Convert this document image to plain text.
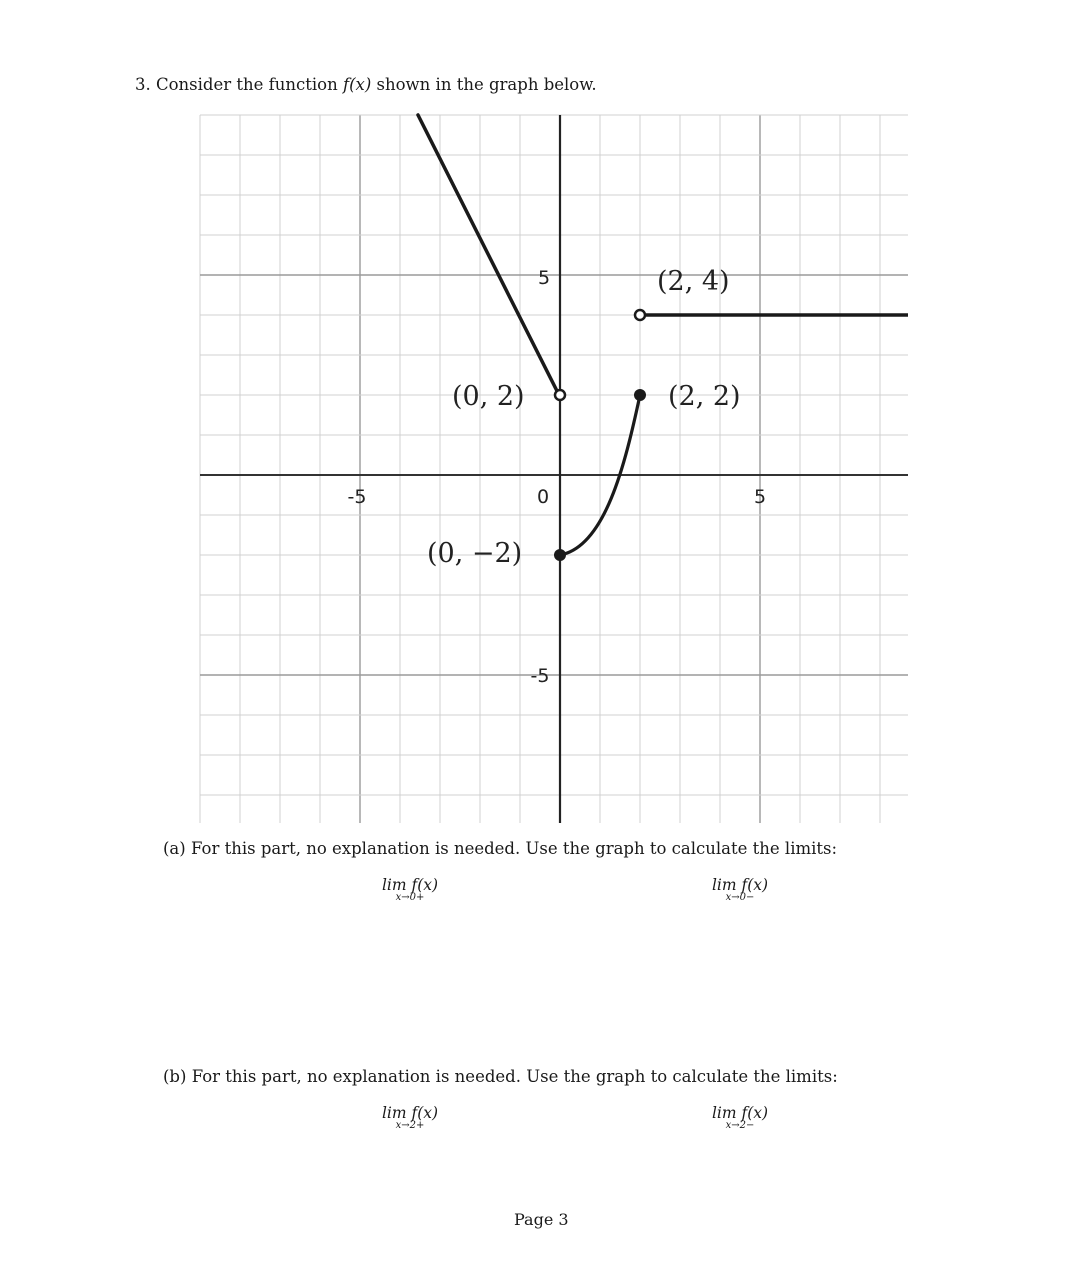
3. Consider the function f(x) shown in the graph below.
-5	0	5
5
-5
(2, 4)
(0, 2)	(2, 2)
(0, −2)
(a) For this part, no explanation is needed. Use the graph to calculate the limits:
lim f(x)
x→0+
lim f(x)
x→0−
(b) For this part, no explanation is needed. Use the graph to calculate the limits:
lim f(x)
x→2+
lim f(x)
x→2−
Page 3
